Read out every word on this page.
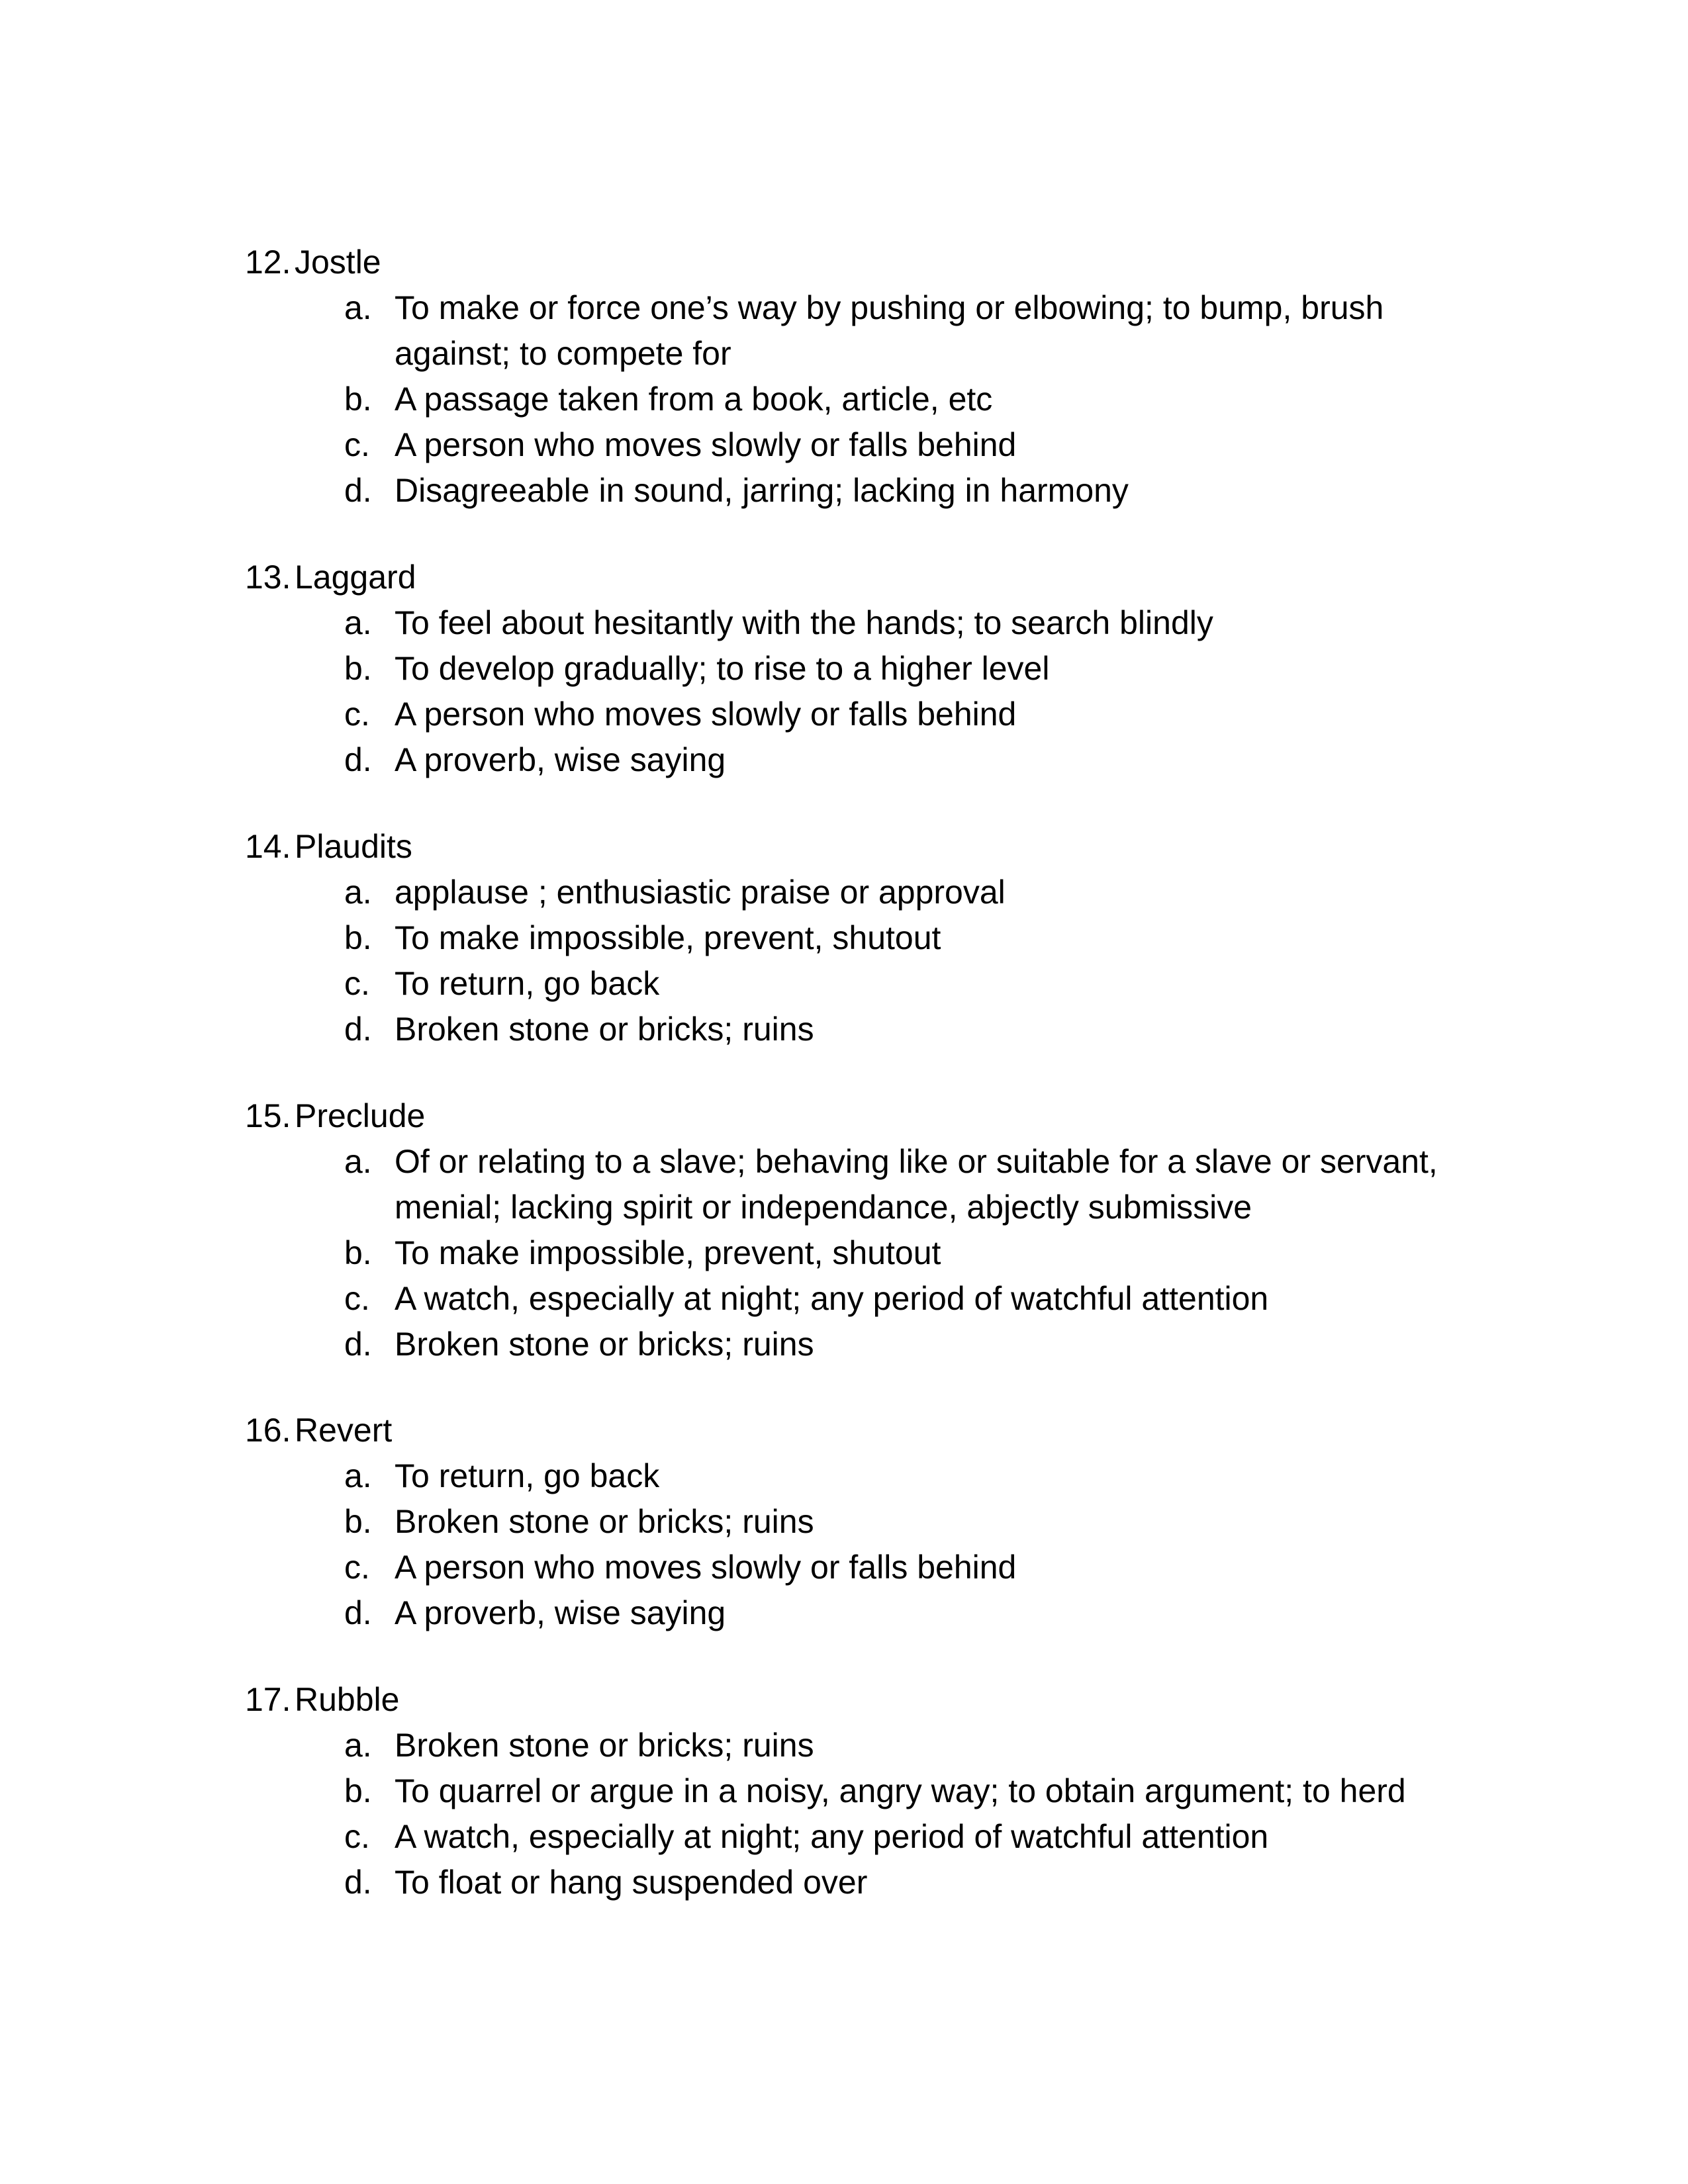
12. Jostle
a. To make or force one’s way by pushing or elbowing; to bump, brush against; to compete for
b. A passage taken from a book, article, etc
c. A person who moves slowly or falls behind
d. Disagreeable in sound, jarring; lacking in harmony
13. Laggard
a. To feel about hesitantly with the hands; to search blindly
b. To develop gradually; to rise to a higher level
c. A person who moves slowly or falls behind
d. A proverb, wise saying
14. Plaudits
a. applause ; enthusiastic praise or approval
b. To make impossible, prevent, shutout
c. To return, go back
d. Broken stone or bricks; ruins
15. Preclude
a. Of or relating to a slave; behaving like or suitable for a slave or servant, menial; lacking spirit or independance, abjectly submissive
b. To make impossible, prevent, shutout
c. A watch, especially at night; any period of watchful attention
d. Broken stone or bricks; ruins
16. Revert
a. To return, go back
b. Broken stone or bricks; ruins
c. A person who moves slowly or falls behind
d. A proverb, wise saying
17. Rubble
a. Broken stone or bricks; ruins
b. To quarrel or argue in a noisy, angry way; to obtain argument; to herd
c. A watch, especially at night; any period of watchful attention
d. To float or hang suspended over
